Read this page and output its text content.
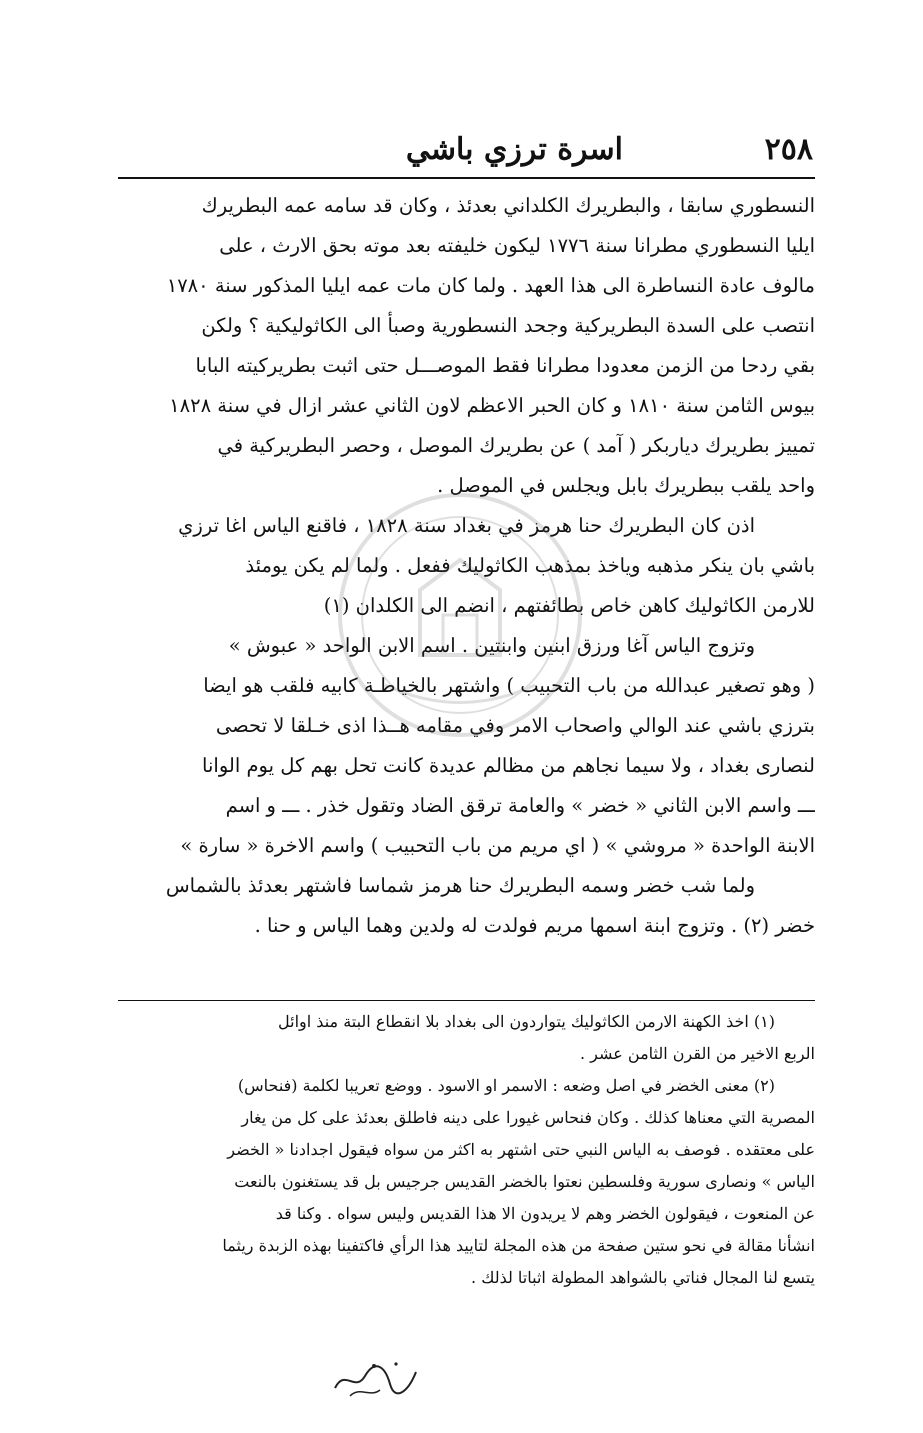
٢٥٨
اسرة ترزي باشي

النسطوري سابقا ، والبطريرك الكلداني بعدئذ ، وكان قد سامه عمه البطريرك
ايليا النسطوري مطرانا سنة ١٧٧٦ ليكون خليفته بعد موته بحق الارث ، على
مالوف عادة النساطرة الى هذا العهد . ولما كان مات عمه ايليا المذكور سنة ١٧٨٠
انتصب على السدة البطريركية وجحد النسطورية وصبأ الى الكاثوليكية ؟ ولكن
بقي ردحا من الزمن معدودا مطرانا فقط الموصـــل حتى اثبت بطريركيته البابا
بيوس الثامن سنة ١٨١٠ و كان الحبر الاعظم لاون الثاني عشر ازال في سنة ١٨٢٨
تمييز بطريرك دياربكر ( آمد ) عن بطريرك الموصل ، وحصر البطريركية في
واحد يلقب ببطريرك بابل ويجلس في الموصل .

اذن كان البطريرك حنا هرمز في بغداد سنة ١٨٢٨ ، فاقنع الياس اغا ترزي
باشي بان ينكر مذهبه وياخذ بمذهب الكاثوليك ففعل . ولما لم يكن يومئذ
للارمن الكاثوليك كاهن خاص بطائفتهم ، انضم الى الكلدان (١)

وتزوج الياس آغا ورزق ابنين وابنتين . اسم الابن الواحد « عبوش »
( وهو تصغير عبدالله من باب التحبيب ) واشتهر بالخياطـة كابيه فلقب هو ايضا
بترزي باشي عند الوالي واصحاب الامر وفي مقامه هــذا اذى خـلقا لا تحصى
لنصارى بغداد ، ولا سيما نجاهم من مظالم عديدة كانت تحل بهم كل يوم الوانا
ـــ واسم الابن الثاني « خضر » والعامة ترقق الضاد وتقول خذر . ـــ و اسم
الابنة الواحدة « مروشي » ( اي مريم من باب التحبيب ) واسم الاخرة « سارة »

ولما شب خضر وسمه البطريرك حنا هرمز شماسا فاشتهر بعدئذ بالشماس
خضر (٢) . وتزوج ابنة اسمها مريم فولدت له ولدين وهما الياس و حنا .

(١) اخذ الكهنة الارمن الكاثوليك يتواردون الى بغداد بلا انقطاع البتة منذ اوائل
الربع الاخير من القرن الثامن عشر .
(٢) معنى الخضر في اصل وضعه : الاسمر او الاسود . ووضع تعريبا لكلمة (فنحاس)
المصرية التي معناها كذلك . وكان فنحاس غيورا على دينه فاطلق بعدئذ على كل من يغار
على معتقده . فوصف به الياس النبي حتى اشتهر به اكثر من سواه فيقول اجدادنا « الخضر
الياس » ونصارى سورية وفلسطين نعتوا بالخضر القديس جرجيس بل قد يستغنون بالنعت
عن المنعوت ، فيقولون الخضر وهم لا يريدون الا هذا القديس وليس سواه . وكنا قد
انشأنا مقالة في نحو ستين صفحة من هذه المجلة لتاييد هذا الرأي فاكتفينا بهذه الزبدة ريثما
يتسع لنا المجال فناتي بالشواهد المطولة اثباتا لذلك .
